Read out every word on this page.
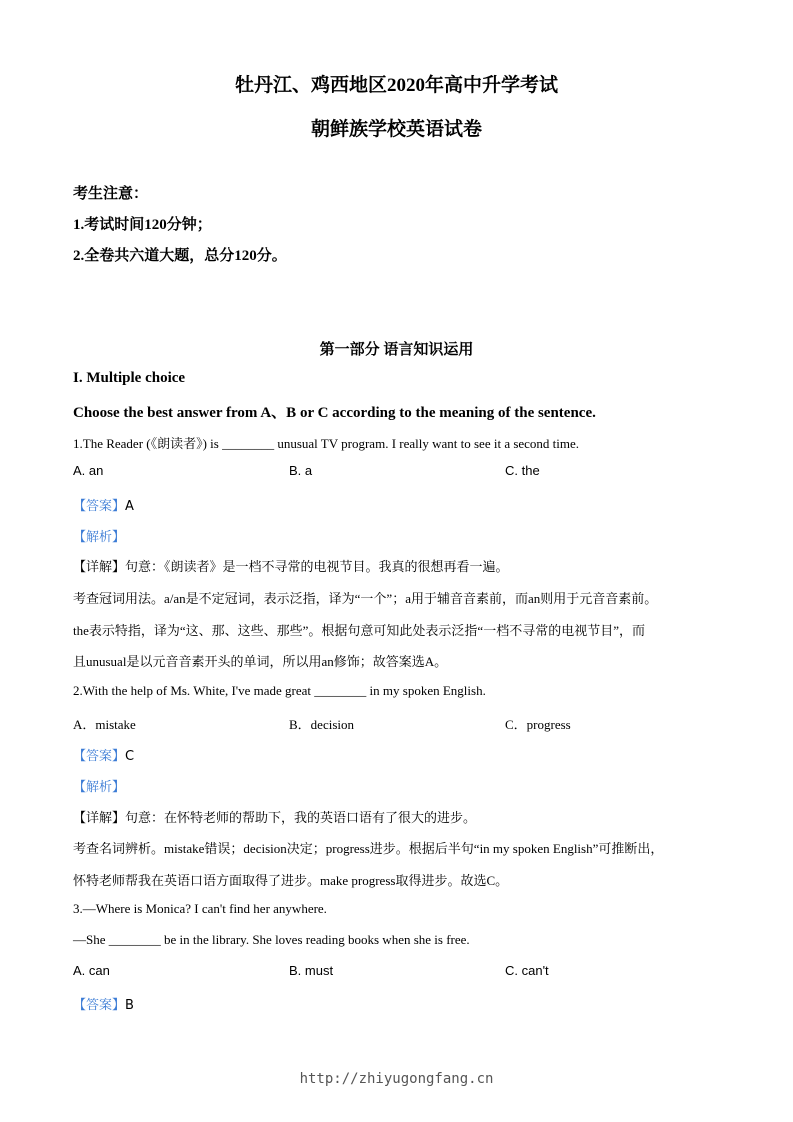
牡丹江、鸡西地区2020年高中升学考试
朝鲜族学校英语试卷
考生注意：
1.考试时间120分钟；
2.全卷共六道大题，总分120分。
第一部分 语言知识运用
I. Multiple choice
Choose the best answer from A、B or C according to the meaning of the sentence.
1.The Reader (《朗读者》) is ________ unusual TV program. I really want to see it a second time.
A. an	B. a	C. the
【答案】A
【解析】
【详解】句意：《朗读者》是一档不寻常的电视节目。我真的很想再看一遍。
考查冠词用法。a/an是不定冠词，表示泛指，译为“一个”；a用于辅音音素前，而an则用于元音音素前。
the表示特指，译为“这、那、这些、那些”。根据句意可知此处表示泛指“一档不寻常的电视节目”，而
且unusual是以元音音素开头的单词，所以用an修饰；故答案选A。
2.With the help of Ms. White, I've made great ________ in my spoken English.
A．mistake	B．decision	C．progress
【答案】C
【解析】
【详解】句意：在怀特老师的帮助下，我的英语口语有了很大的进步。
考查名词辨析。mistake错误；decision决定；progress进步。根据后半句“in my spoken English”可推断出，
怀特老师帮我在英语口语方面取得了进步。make progress取得进步。故选C。
3.—Where is Monica? I can't find her anywhere.
—She ________ be in the library. She loves reading books when she is free.
A. can	B. must	C. can't
【答案】B
http://zhiyugongfang.cn
